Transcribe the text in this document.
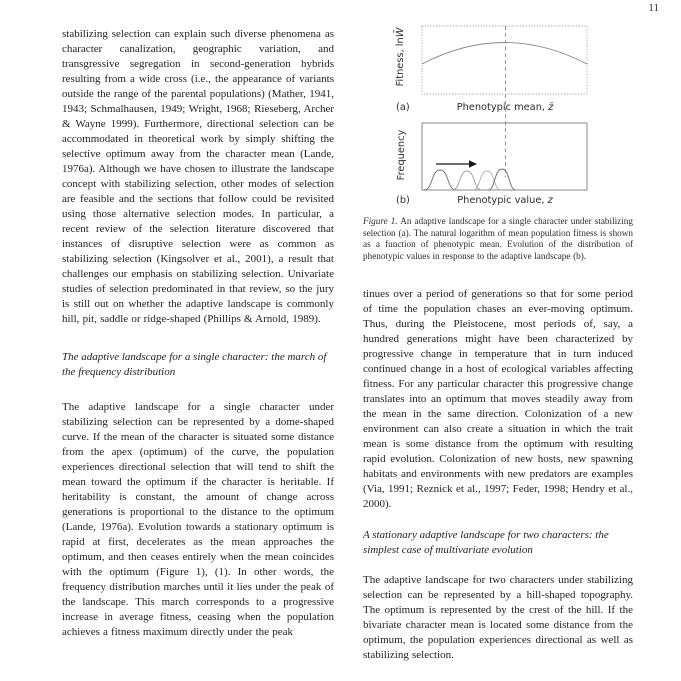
11

stabilizing selection can explain such diverse phenomena as character canalization, geographic variation, and transgressive segregation in second-generation hybrids resulting from a wide cross (i.e., the appearance of variants outside the range of the parental populations) (Mather, 1941, 1943; Schmalhausen, 1949; Wright, 1968; Rieseberg, Archer & Wayne 1999). Furthermore, directional selection can be accommodated in theoretical work by simply shifting the selective optimum away from the character mean (Lande, 1976a). Although we have chosen to illustrate the landscape concept with stabilizing selection, other modes of selection are feasible and the sections that follow could be revisited using those alternative selection modes. In particular, a recent review of the selection literature discovered that instances of disruptive selection were as common as stabilizing selection (Kingsolver et al., 2001), a result that challenges our emphasis on stabilizing selection. Univariate studies of selection predominated in that review, so the jury is still out on whether the adaptive landscape is commonly hill, pit, saddle or ridge-shaped (Phillips & Arnold, 1989).

The adaptive landscape for a single character: the march of the frequency distribution

The adaptive landscape for a single character under stabilizing selection can be represented by a dome-shaped curve. If the mean of the character is situated some distance from the apex (optimum) of the curve, the population experiences directional selection that will tend to shift the mean toward the optimum if the character is heritable. If heritability is constant, the amount of change across generations is proportional to the distance to the optimum (Lande, 1976a). Evolution towards a stationary optimum is rapid at first, decelerates as the mean approaches the optimum, and then ceases entirely when the mean coincides with the optimum (Figure 1), (1). In other words, the frequency distribution marches until it lies under the peak of the landscape. This march corresponds to a progressive increase in average fitness, ceasing when the population achieves a fitness maximum directly under the peak

Fitness, lnW̄
(a)	Phenotypic mean, z̄
Frequency
(b)	Phenotypic value, z
Figure 1. An adaptive landscape for a single character under stabilizing selection (a). The natural logarithm of mean population fitness is shown as a function of phenotypic mean. Evolution of the distribution of phenotypic values in response to the adaptive landscape (b).

tinues over a period of generations so that for some period of time the population chases an ever-moving optimum. Thus, during the Pleistocene, most periods of, say, a hundred generations might have been characterized by progressive change in temperature that in turn induced continued change in a host of ecological variables affecting fitness. For any particular character this progressive change translates into an optimum that moves steadily away from the mean in the same direction. Colonization of a new environment can also create a situation in which the trait mean is some distance from the optimum with resulting rapid evolution. Colonization of new hosts, new spawning habitats and environments with new predators are examples (Via, 1991; Reznick et al., 1997; Feder, 1998; Hendry et al., 2000).

A stationary adaptive landscape for two characters: the simplest case of multivariate evolution

The adaptive landscape for two characters under stabilizing selection can be represented by a hill-shaped topography. The optimum is represented by the crest of the hill. If the bivariate character mean is located some distance from the optimum, the population experiences directional as well as stabilizing selection.
